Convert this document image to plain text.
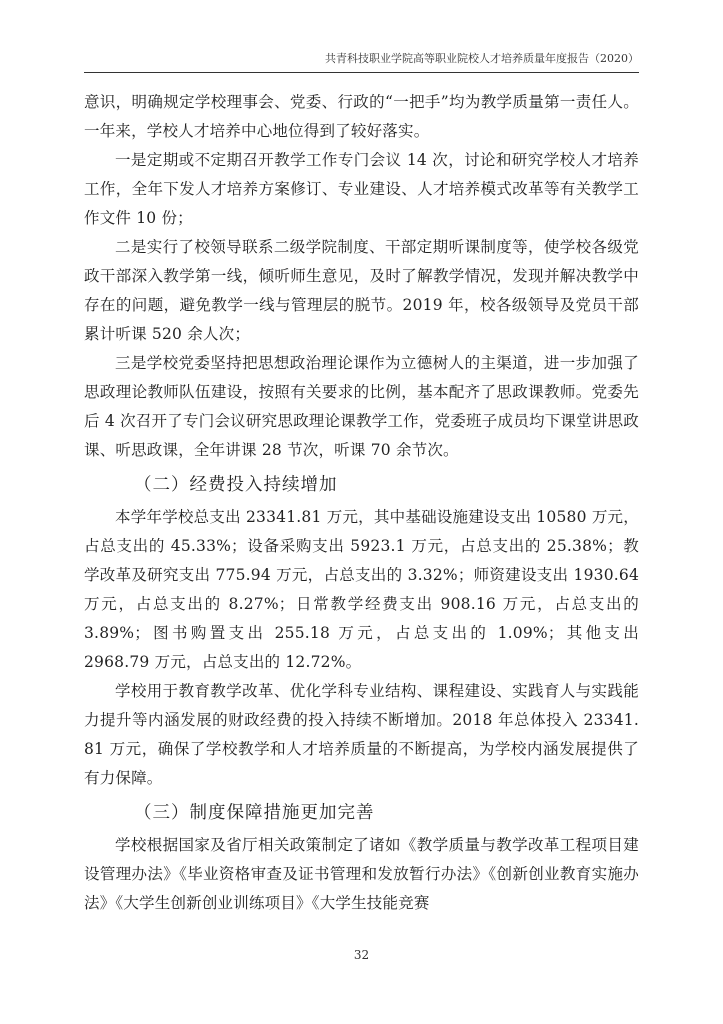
共青科技职业学院高等职业院校人才培养质量年度报告（2020）

意识，明确规定学校理事会、党委、行政的“一把手”均为教学质量第一责任人。一年来，学校人才培养中心地位得到了较好落实。

一是定期或不定期召开教学工作专门会议 14 次，讨论和研究学校人才培养工作，全年下发人才培养方案修订、专业建设、人才培养模式改革等有关教学工作文件 10 份；

二是实行了校领导联系二级学院制度、干部定期听课制度等，使学校各级党政干部深入教学第一线，倾听师生意见，及时了解教学情况，发现并解决教学中存在的问题，避免教学一线与管理层的脱节。2019 年，校各级领导及党员干部累计听课 520 余人次；

三是学校党委坚持把思想政治理论课作为立德树人的主渠道，进一步加强了思政理论教师队伍建设，按照有关要求的比例，基本配齐了思政课教师。党委先后 4 次召开了专门会议研究思政理论课教学工作，党委班子成员均下课堂讲思政课、听思政课，全年讲课 28 节次，听课 70 余节次。

（二）经费投入持续增加

本学年学校总支出 23341.81 万元，其中基础设施建设支出 10580 万元，占总支出的 45.33%；设备采购支出 5923.1 万元，占总支出的 25.38%；教学改革及研究支出 775.94 万元，占总支出的 3.32%；师资建设支出 1930.64 万元，占总支出的 8.27%；日常教学经费支出 908.16 万元，占总支出的 3.89%；图书购置支出 255.18 万元，占总支出的 1.09%；其他支出 2968.79 万元，占总支出的 12.72%。

学校用于教育教学改革、优化学科专业结构、课程建设、实践育人与实践能力提升等内涵发展的财政经费的投入持续不断增加。2018 年总体投入 23341. 81 万元，确保了学校教学和人才培养质量的不断提高，为学校内涵发展提供了有力保障。

（三）制度保障措施更加完善

学校根据国家及省厅相关政策制定了诸如《教学质量与教学改革工程项目建设管理办法》《毕业资格审查及证书管理和发放暂行办法》《创新创业教育实施办法》《大学生创新创业训练项目》《大学生技能竞赛

32
